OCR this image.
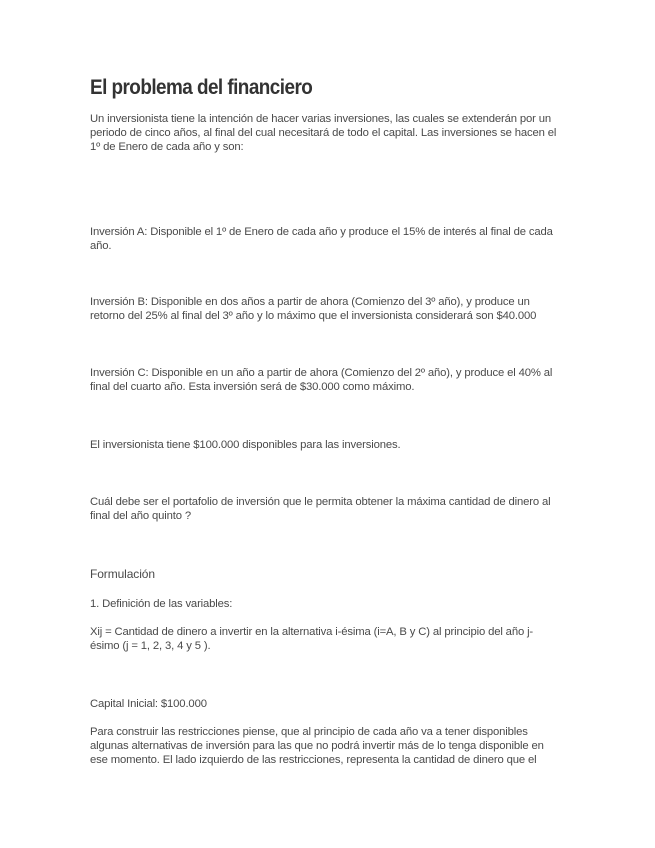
El problema del financiero

Un inversionista tiene la intención de hacer varias inversiones, las cuales se extenderán por un periodo de cinco años, al final del cual necesitará de todo el capital. Las inversiones se hacen el 1º de Enero de cada año y son:

Inversión A: Disponible el 1º de Enero de cada año y produce el 15% de interés al final de cada año.

Inversión B: Disponible en dos años a partir de ahora (Comienzo del 3º año), y produce un retorno del 25% al final del 3º año y lo máximo que el inversionista considerará son $40.000

Inversión C: Disponible en un año a partir de ahora (Comienzo del 2º año), y produce el 40% al final del cuarto año. Esta inversión será de $30.000 como máximo.

El inversionista tiene $100.000 disponibles para las inversiones.

Cuál debe ser el portafolio de inversión que le permita obtener la máxima cantidad de dinero al final del año quinto ?

Formulación

1. Definición de las variables:

Xij = Cantidad de dinero a invertir en la alternativa i-ésima (i=A, B y C) al principio del año j-ésimo (j = 1, 2, 3, 4 y 5 ).

Capital Inicial: $100.000

Para construir las restricciones piense, que al principio de cada año va a tener disponibles algunas alternativas de inversión para las que no podrá invertir más de lo tenga disponible en ese momento. El lado izquierdo de las restricciones, representa la cantidad de dinero que el
